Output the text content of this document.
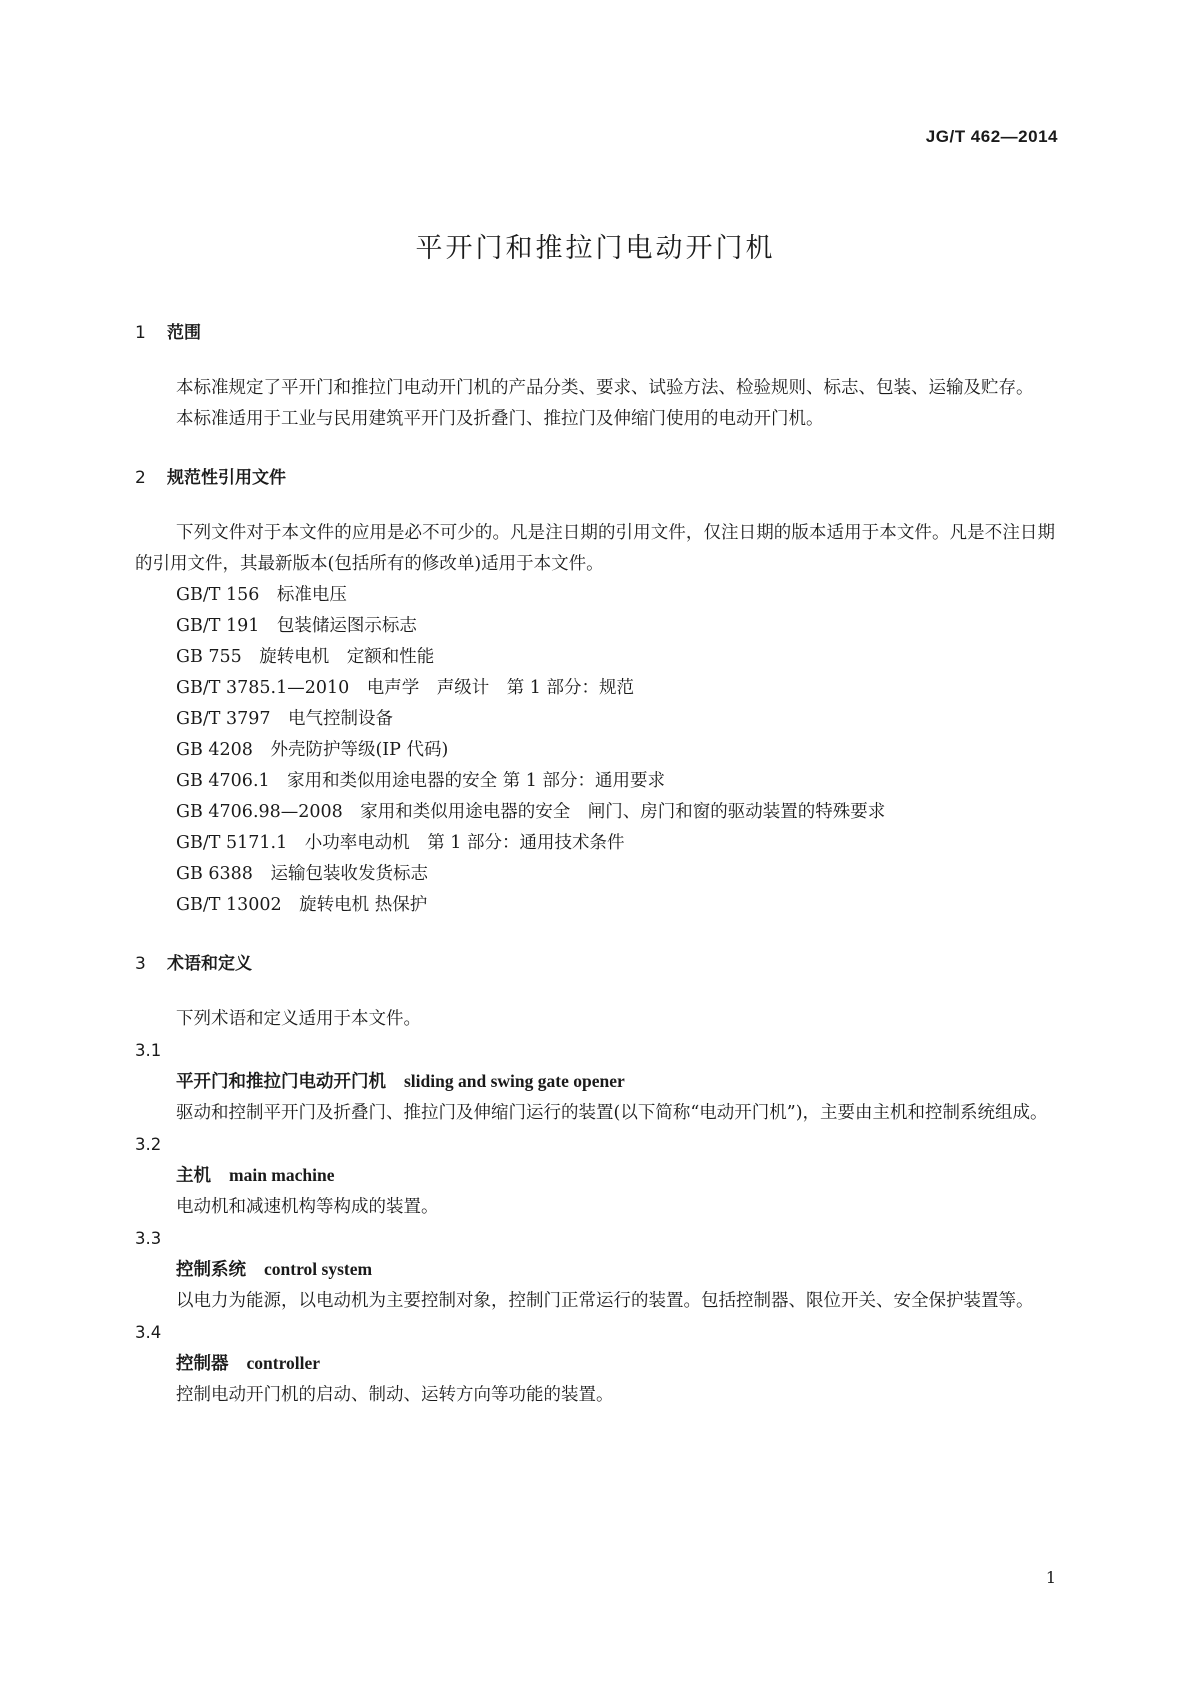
JG/T 462—2014
平开门和推拉门电动开门机
1 范围

本标准规定了平开门和推拉门电动开门机的产品分类、要求、试验方法、检验规则、标志、包装、运输及贮存。

本标准适用于工业与民用建筑平开门及折叠门、推拉门及伸缩门使用的电动开门机。

2 规范性引用文件

下列文件对于本文件的应用是必不可少的。凡是注日期的引用文件，仅注日期的版本适用于本文件。凡是不注日期的引用文件，其最新版本(包括所有的修改单)适用于本文件。

GB/T 156　标准电压
GB/T 191　包装储运图示标志
GB 755　旋转电机　定额和性能
GB/T 3785.1—2010　电声学　声级计　第 1 部分：规范
GB/T 3797　电气控制设备
GB 4208　外壳防护等级(IP 代码)
GB 4706.1　家用和类似用途电器的安全 第 1 部分：通用要求
GB 4706.98—2008　家用和类似用途电器的安全　闸门、房门和窗的驱动装置的特殊要求
GB/T 5171.1　小功率电动机　第 1 部分：通用技术条件
GB 6388　运输包装收发货标志
GB/T 13002　旋转电机 热保护
3 术语和定义

下列术语和定义适用于本文件。

3.1
平开门和推拉门电动开门机 sliding and swing gate opener

驱动和控制平开门及折叠门、推拉门及伸缩门运行的装置(以下简称“电动开门机”)，主要由主机和控制系统组成。

3.2
主机 main machine

电动机和减速机构等构成的装置。

3.3
控制系统 control system

以电力为能源，以电动机为主要控制对象，控制门正常运行的装置。包括控制器、限位开关、安全保护装置等。

3.4
控制器 controller

控制电动开门机的启动、制动、运转方向等功能的装置。

1
